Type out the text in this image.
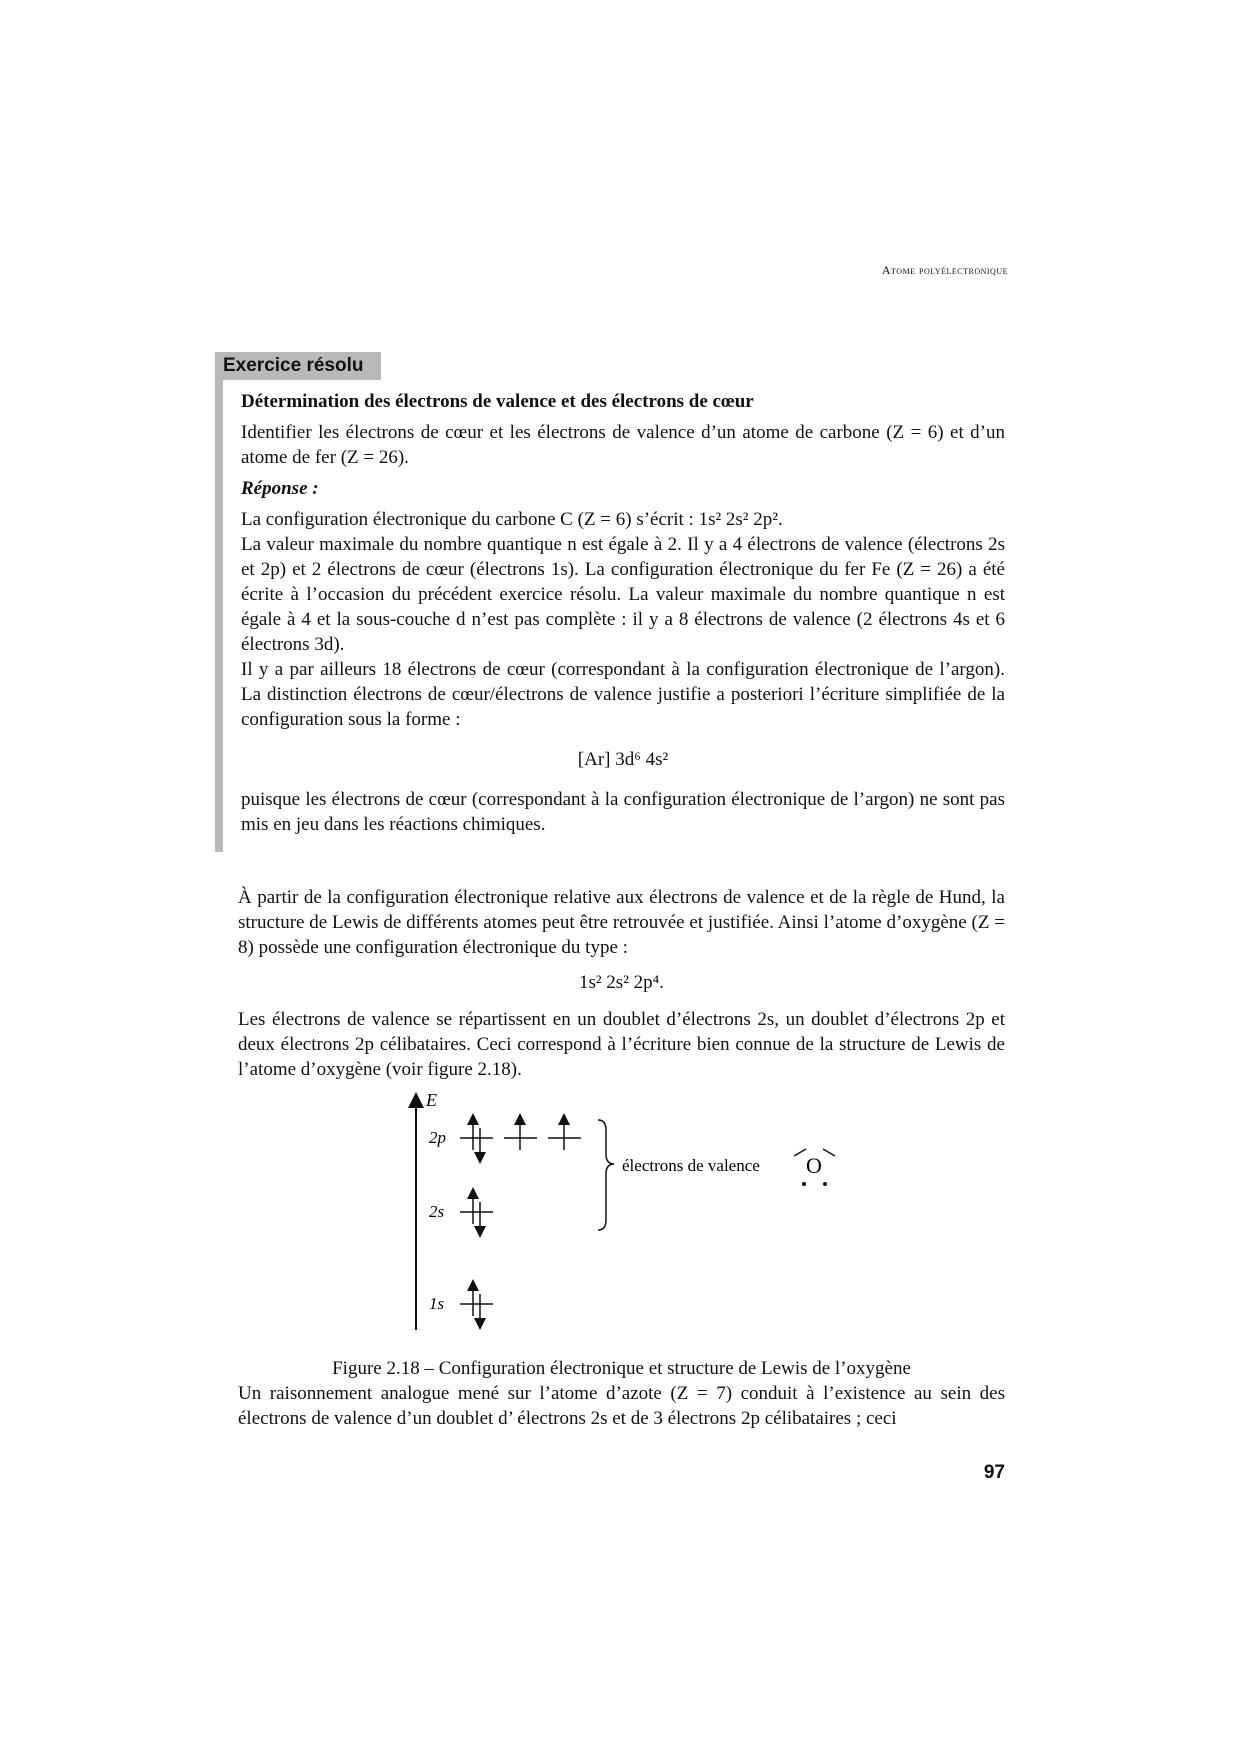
Atome polyélectronique
Exercice résolu

Détermination des électrons de valence et des électrons de cœur

Identifier les électrons de cœur et les électrons de valence d’un atome de carbone (Z = 6) et d’un atome de fer (Z = 26).

Réponse :

La configuration électronique du carbone C (Z = 6) s’écrit : 1s² 2s² 2p².

La valeur maximale du nombre quantique n est égale à 2. Il y a 4 électrons de valence (électrons 2s et 2p) et 2 électrons de cœur (électrons 1s). La configuration électronique du fer Fe (Z = 26) a été écrite à l’occasion du précédent exercice résolu. La valeur maximale du nombre quantique n est égale à 4 et la sous-couche d n’est pas complète : il y a 8 électrons de valence (2 électrons 4s et 6 électrons 3d).

Il y a par ailleurs 18 électrons de cœur (correspondant à la configuration électronique de l’argon). La distinction électrons de cœur/électrons de valence justifie a posteriori l’écriture simplifiée de la configuration sous la forme :

[Ar] 3d⁶ 4s²

puisque les électrons de cœur (correspondant à la configuration électronique de l’argon) ne sont pas mis en jeu dans les réactions chimiques.

À partir de la configuration électronique relative aux électrons de valence et de la règle de Hund, la structure de Lewis de différents atomes peut être retrouvée et justifiée. Ainsi l’atome d’oxygène (Z = 8) possède une configuration électronique du type :

1s² 2s² 2p⁴.

Les électrons de valence se répartissent en un doublet d’électrons 2s, un doublet d’électrons 2p et deux électrons 2p célibataires. Ceci correspond à l’écriture bien connue de la structure de Lewis de l’atome d’oxygène (voir figure 2.18).

E
2p
2s
1s
électrons de valence O
Figure 2.18 – Configuration électronique et structure de Lewis de l’oxygène

Un raisonnement analogue mené sur l’atome d’azote (Z = 7) conduit à l’existence au sein des électrons de valence d’un doublet d’ électrons 2s et de 3 électrons 2p célibataires ; ceci

97
